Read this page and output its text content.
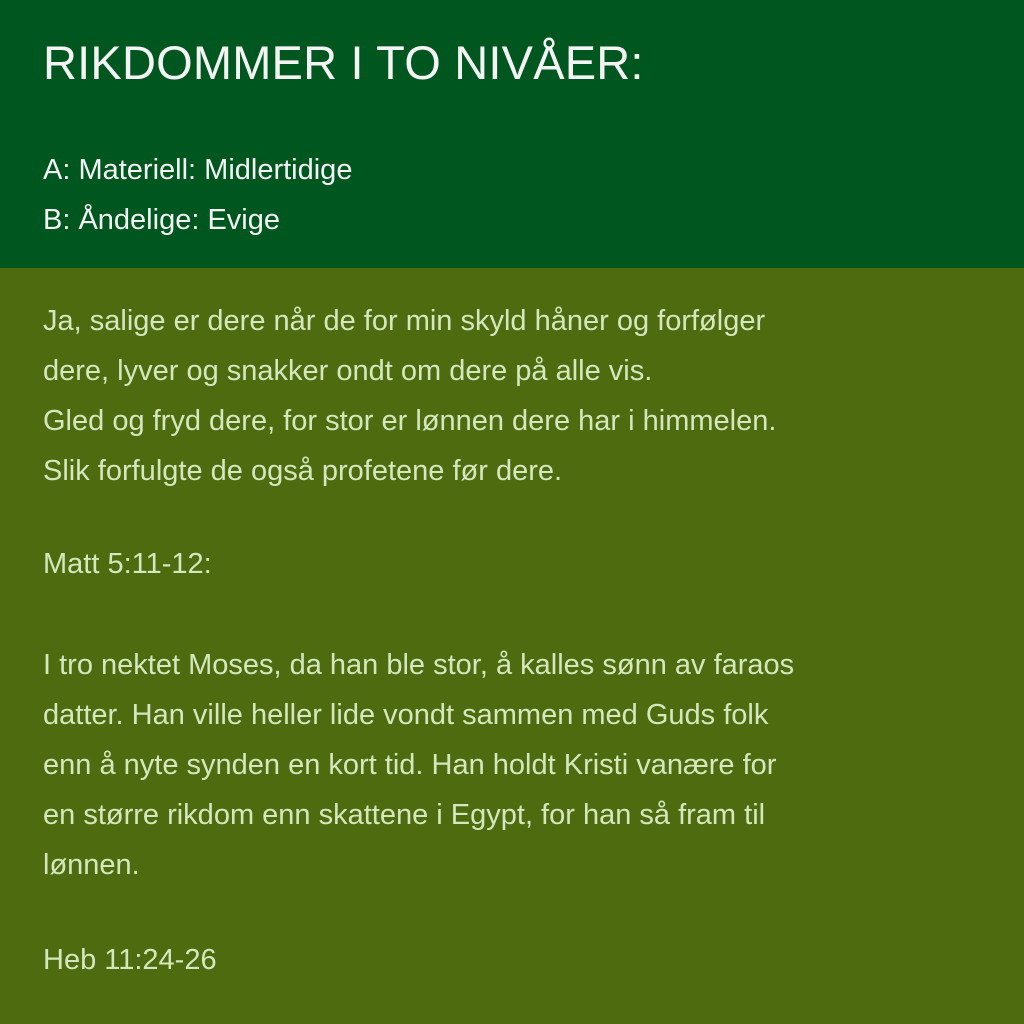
RIKDOMMER I TO NIVÅER:
A: Materiell: Midlertidige
B: Åndelige: Evige

Ja, salige er dere når de for min skyld håner og forfølger
dere, lyver og snakker ondt om dere på alle vis.
Gled og fryd dere, for stor er lønnen dere har i himmelen.
Slik forfulgte de også profetene før dere.

Matt 5:11-12:

I tro nektet Moses, da han ble stor, å kalles sønn av faraos
datter. Han ville heller lide vondt sammen med Guds folk
enn å nyte synden en kort tid. Han holdt Kristi vanære for
en større rikdom enn skattene i Egypt, for han så fram til
lønnen.

Heb 11:24-26
